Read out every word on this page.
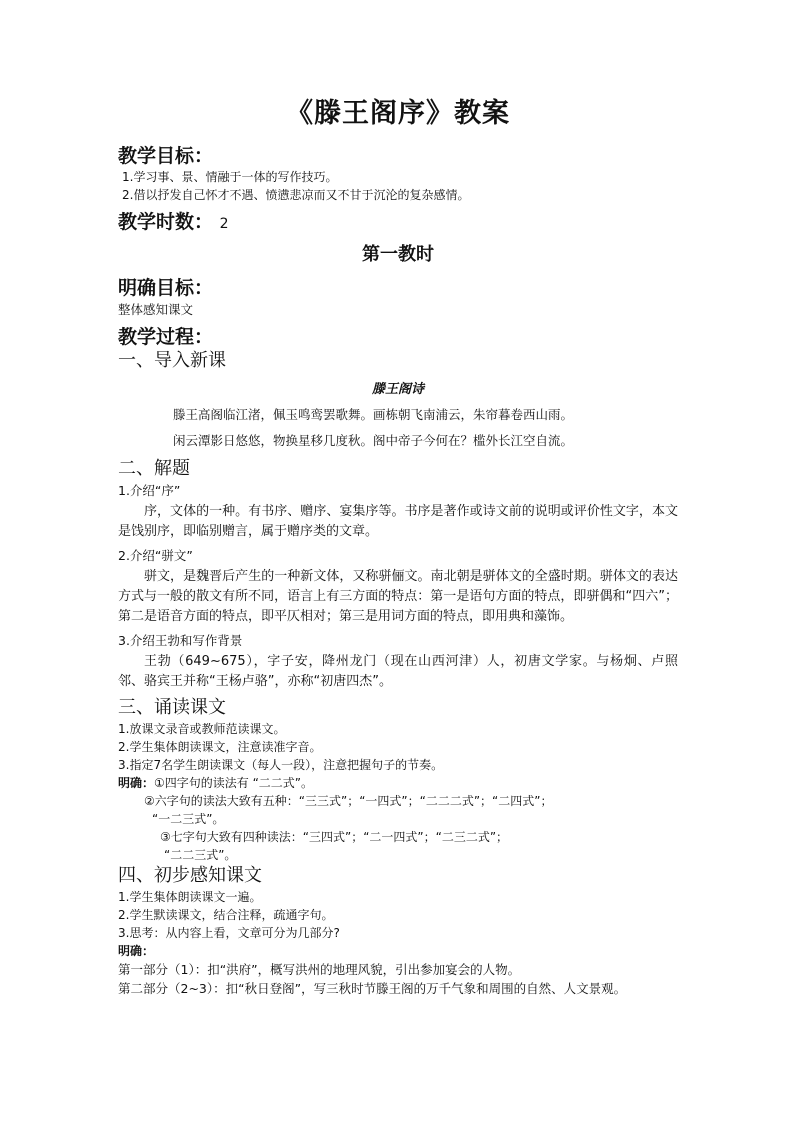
《滕王阁序》教案

教学目标：

1.学习事、景、情融于一体的写作技巧。

2.借以抒发自己怀才不遇、愤懑悲凉而又不甘于沉沦的复杂感情。

教学时数： 2

第一教时

明确目标：

整体感知课文

教学过程：

一、导入新课

滕王阁诗

滕王高阁临江渚，佩玉鸣鸾罢歌舞。画栋朝飞南浦云，朱帘暮卷西山雨。

闲云潭影日悠悠，物换星移几度秋。阁中帝子今何在？槛外长江空自流。

二、解题

1.介绍“序”

序，文体的一种。有书序、赠序、宴集序等。书序是著作或诗文前的说明或评价性文字，本文是饯别序，即临别赠言，属于赠序类的文章。

2.介绍“骈文”

骈文，是魏晋后产生的一种新文体，又称骈俪文。南北朝是骈体文的全盛时期。骈体文的表达方式与一般的散文有所不同，语言上有三方面的特点：第一是语句方面的特点，即骈偶和“四六”；第二是语音方面的特点，即平仄相对；第三是用词方面的特点，即用典和藻饰。

3.介绍王勃和写作背景

王勃（649~675），字子安，降州龙门（现在山西河津）人，初唐文学家。与杨炯、卢照邻、骆宾王并称“王杨卢骆”，亦称“初唐四杰”。

三、诵读课文

1.放课文录音或教师范读课文。

2.学生集体朗读课文，注意读准字音。

3.指定7名学生朗读课文（每人一段），注意把握句子的节奏。

明确：①四字句的读法有 “二二式”。

②六字句的读法大致有五种：“三三式”；“一四式”；“二二二式”；“二四式”；

“一二三式”。

③七字句大致有四种读法：“三四式”；“二一四式”；“二三二式”；

“二二三式”。

四、初步感知课文

1.学生集体朗读课文一遍。

2.学生默读课文，结合注释，疏通字句。

3.思考：从内容上看，文章可分为几部分?

明确：

第一部分（1）：扣“洪府”，概写洪州的地理风貌，引出参加宴会的人物。

第二部分（2~3）：扣“秋日登阁”，写三秋时节滕王阁的万千气象和周围的自然、人文景观。
